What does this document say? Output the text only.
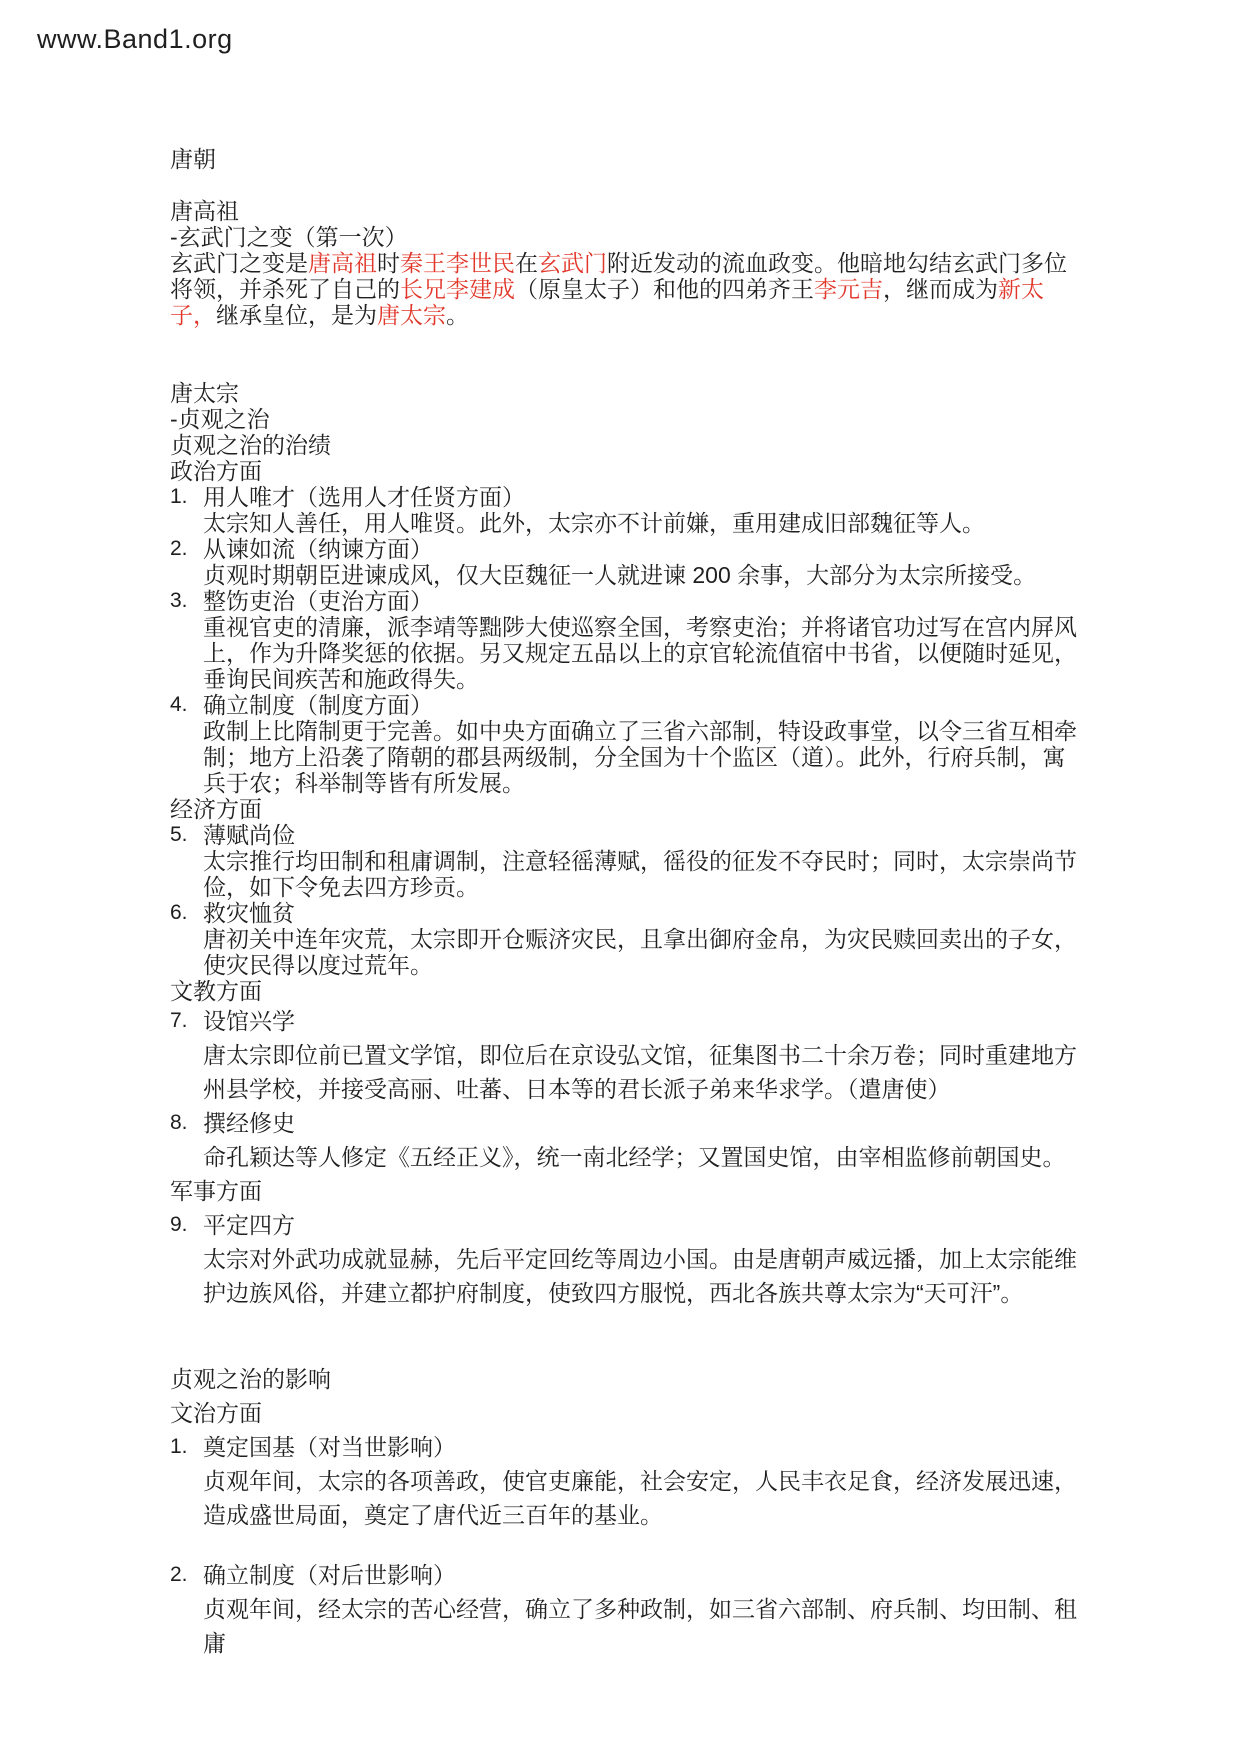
www.Band1.org
唐朝
唐高祖
-玄武门之变（第一次）
玄武门之变是唐高祖时秦王李世民在玄武门附近发动的流血政变。他暗地勾结玄武门多位将领，并杀死了自己的长兄李建成（原皇太子）和他的四弟齐王李元吉，继而成为新太子，继承皇位，是为唐太宗。
唐太宗
-贞观之治
贞观之治的治绩
政治方面
1. 用人唯才（选用人才任贤方面）
太宗知人善任，用人唯贤。此外，太宗亦不计前嫌，重用建成旧部魏征等人。
2. 从谏如流（纳谏方面）
贞观时期朝臣进谏成风，仅大臣魏征一人就进谏 200 余事，大部分为太宗所接受。
3. 整饬吏治（吏治方面）
重视官吏的清廉，派李靖等黜陟大使巡察全国，考察吏治；并将诸官功过写在宫内屏风上，作为升降奖惩的依据。另又规定五品以上的京官轮流值宿中书省，以便随时延见，垂询民间疾苦和施政得失。
4. 确立制度（制度方面）
政制上比隋制更于完善。如中央方面确立了三省六部制，特设政事堂，以令三省互相牵制；地方上沿袭了隋朝的郡县两级制，分全国为十个监区（道）。此外，行府兵制，寓兵于农；科举制等皆有所发展。
经济方面
5. 薄赋尚俭
太宗推行均田制和租庸调制，注意轻徭薄赋，徭役的征发不夺民时；同时，太宗崇尚节俭，如下令免去四方珍贡。
6. 救灾恤贫
唐初关中连年灾荒，太宗即开仓赈济灾民，且拿出御府金帛，为灾民赎回卖出的子女，使灾民得以度过荒年。
文教方面
7. 设馆兴学
唐太宗即位前已置文学馆，即位后在京设弘文馆，征集图书二十余万卷；同时重建地方州县学校，并接受高丽、吐蕃、日本等的君长派子弟来华求学。（遣唐使）
8. 撰经修史
命孔颖达等人修定《五经正义》，统一南北经学；又置国史馆，由宰相监修前朝国史。
军事方面
9. 平定四方
太宗对外武功成就显赫，先后平定回纥等周边小国。由是唐朝声威远播，加上太宗能维护边族风俗，并建立都护府制度，使致四方服悦，西北各族共尊太宗为“天可汗”。
贞观之治的影响
文治方面
1. 奠定国基（对当世影响）
贞观年间，太宗的各项善政，使官吏廉能，社会安定，人民丰衣足食，经济发展迅速，造成盛世局面，奠定了唐代近三百年的基业。
2. 确立制度（对后世影响）
贞观年间，经太宗的苦心经营，确立了多种政制，如三省六部制、府兵制、均田制、租庸
